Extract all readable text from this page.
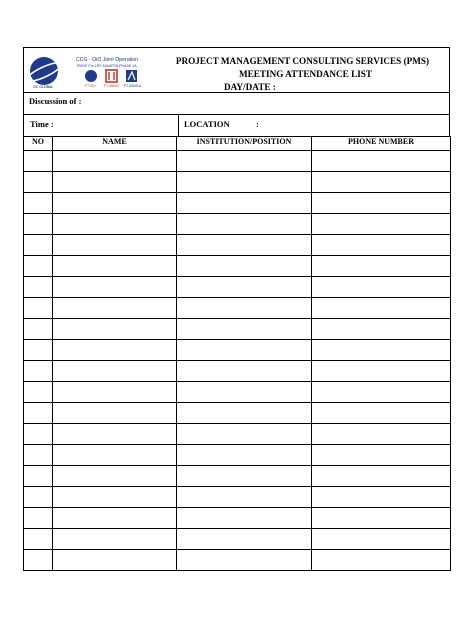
OC GLOBAL
CCG - OiO Joint Operation
PMSC For LRT JAKARTA PHASE 1A
PT OIO	PT ANDIN PT DANIDA
PROJECT MANAGEMENT CONSULTING SERVICES (PMS)
MEETING ATTENDANCE LIST
DAY/DATE :
Discussion of :
Time :	LOCATION	:
NO	NAME	INSTITUTION/POSITION	PHONE NUMBER
